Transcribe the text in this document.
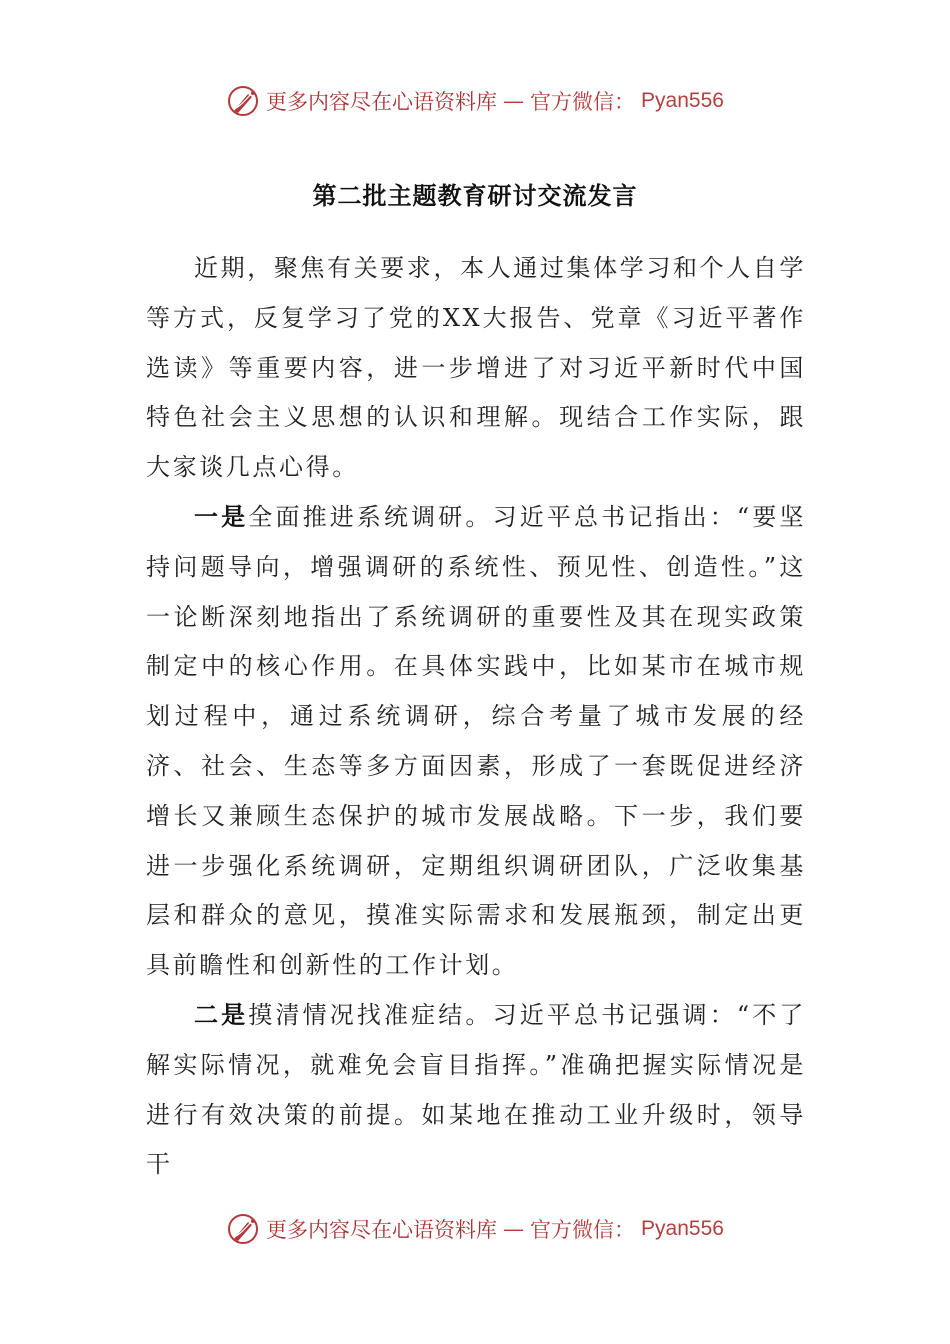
更多内容尽在心语资料库 — 官方微信： Pyan556
第二批主题教育研讨交流发言

近期，聚焦有关要求，本人通过集体学习和个人自学等方式，反复学习了党的XX大报告、党章《习近平著作选读》等重要内容，进一步增进了对习近平新时代中国特色社会主义思想的认识和理解。现结合工作实际，跟大家谈几点心得。

一是全面推进系统调研。习近平总书记指出：“要坚持问题导向，增强调研的系统性、预见性、创造性。”这一论断深刻地指出了系统调研的重要性及其在现实政策制定中的核心作用。在具体实践中，比如某市在城市规划过程中，通过系统调研，综合考量了城市发展的经济、社会、生态等多方面因素，形成了一套既促进经济增长又兼顾生态保护的城市发展战略。下一步，我们要进一步强化系统调研，定期组织调研团队，广泛收集基层和群众的意见，摸准实际需求和发展瓶颈，制定出更具前瞻性和创新性的工作计划。

二是摸清情况找准症结。习近平总书记强调：“不了解实际情况，就难免会盲目指挥。”准确把握实际情况是进行有效决策的前提。如某地在推动工业升级时，领导干

更多内容尽在心语资料库 — 官方微信： Pyan556
